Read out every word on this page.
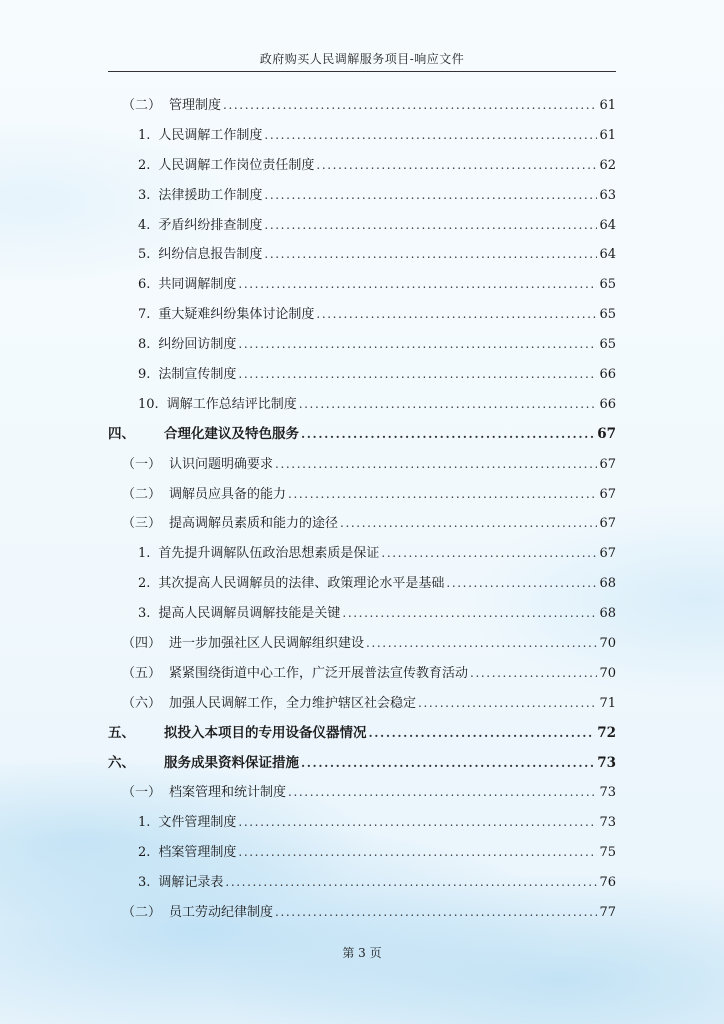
政府购买人民调解服务项目-响应文件
（二） 管理制度 .....	61
1. 人民调解工作制度 .....	61
2. 人民调解工作岗位责任制度 .....	62
3. 法律援助工作制度 .....	63
4. 矛盾纠纷排查制度 .....	64
5. 纠纷信息报告制度 .....	64
6. 共同调解制度 .....	65
7. 重大疑难纠纷集体讨论制度 .....	65
8. 纠纷回访制度 .....	65
9. 法制宣传制度 .....	66
10. 调解工作总结评比制度 .....	66
四、	合理化建议及特色服务 .....	67
（一） 认识问题明确要求 .....	67
（二） 调解员应具备的能力 .....	67
（三） 提高调解员素质和能力的途径 .....	67
1. 首先提升调解队伍政治思想素质是保证 .....	67
2. 其次提高人民调解员的法律、政策理论水平是基础 .....	68
3. 提高人民调解员调解技能是关键 .....	68
（四） 进一步加强社区人民调解组织建设 .....	70
（五） 紧紧围绕街道中心工作，广泛开展普法宣传教育活动 .....	70
（六） 加强人民调解工作，全力维护辖区社会稳定 .....	71
五、	拟投入本项目的专用设备仪器情况 .....	72
六、	服务成果资料保证措施 .....	73
（一） 档案管理和统计制度 .....	73
1. 文件管理制度 .....	73
2. 档案管理制度 .....	75
3. 调解记录表 .....	76
（二） 员工劳动纪律制度 .....	77
第 3 页
